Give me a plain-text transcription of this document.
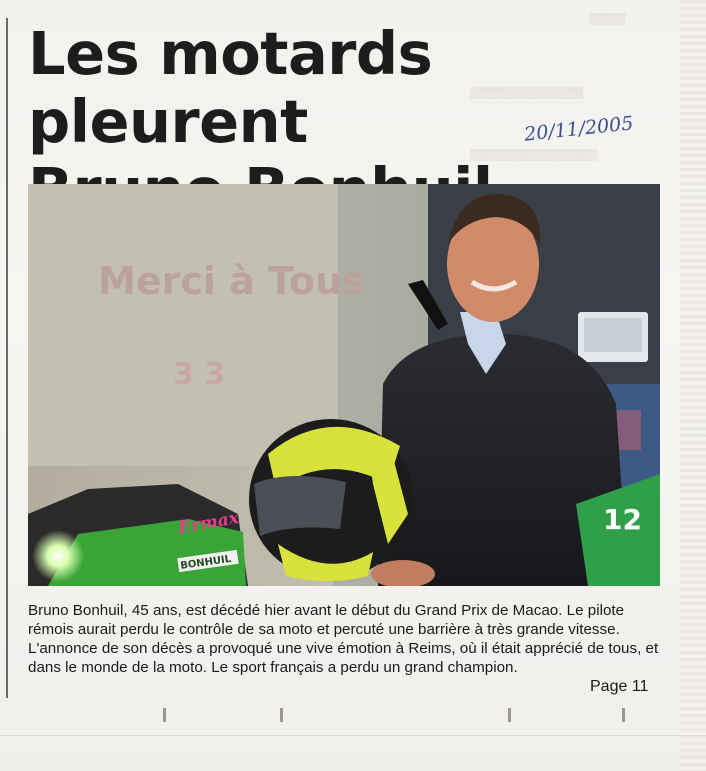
▒▒▒▒▒
▒▒▒▒▒▒▒▒▒▒▒▒▒▒▒▒
▒▒▒▒▒▒▒▒▒▒▒▒▒▒▒▒▒▒
Les motards pleurent	20/11/2005
Merci à Tous
3 3
BONHUIL
Ermax	12

Bruno Bonhuil, 45 ans, est décédé hier avant le début du Grand Prix de Macao. Le pilote rémois aurait perdu le contrôle de sa moto et percuté une barrière à très grande vitesse. L'annonce de son décès a provoqué une vive émotion à Reims, où il était apprécié de tous, et dans le monde de la moto. Le sport français a perdu un grand champion.

Page 11
